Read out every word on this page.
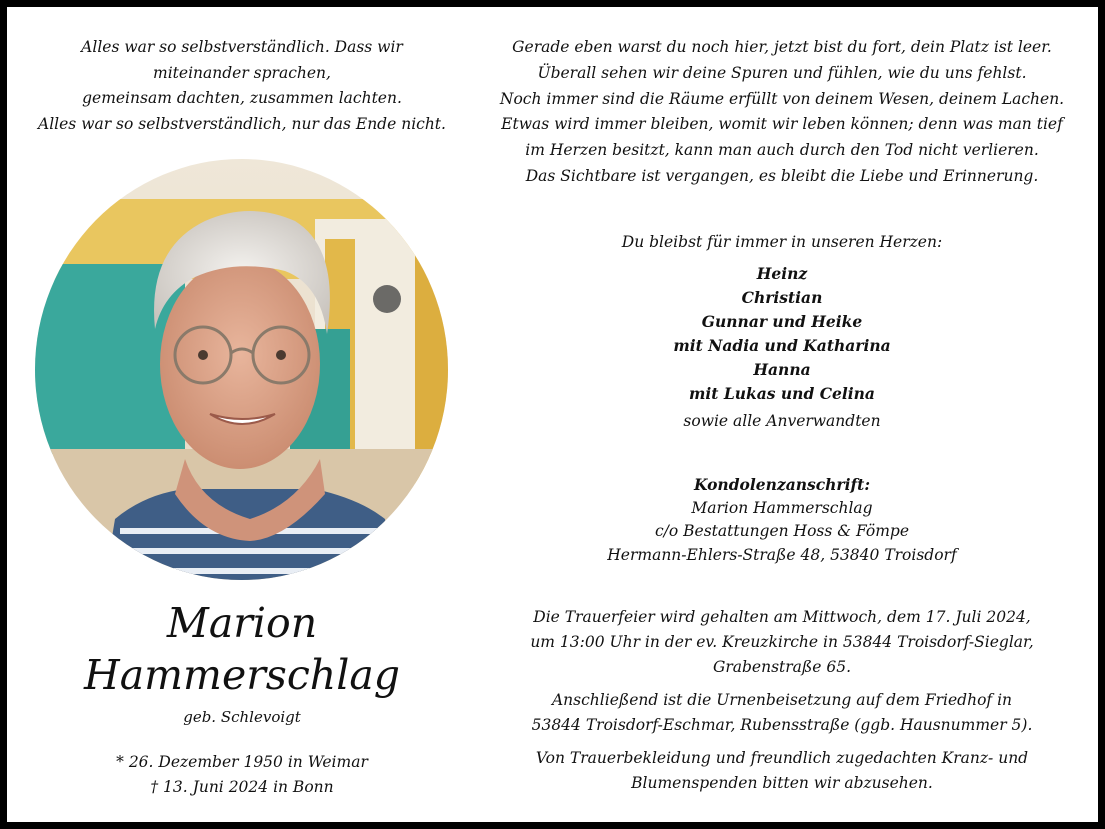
Alles war so selbstverständlich. Dass wir
miteinander sprachen,
gemeinsam dachten, zusammen lachten.
Alles war so selbstverständlich, nur das Ende nicht.
Marion
Hammerschlag
geb. Schlevoigt
* 26. Dezember 1950 in Weimar
† 13. Juni 2024 in Bonn
Gerade eben warst du noch hier, jetzt bist du fort, dein Platz ist leer.
Überall sehen wir deine Spuren und fühlen, wie du uns fehlst.
Noch immer sind die Räume erfüllt von deinem Wesen, deinem Lachen.
Etwas wird immer bleiben, womit wir leben können; denn was man tief
im Herzen besitzt, kann man auch durch den Tod nicht verlieren.
Das Sichtbare ist vergangen, es bleibt die Liebe und Erinnerung.
Du bleibst für immer in unseren Herzen:
Heinz
Christian
Gunnar und Heike
mit Nadia und Katharina
Hanna
mit Lukas und Celina
sowie alle Anverwandten
Kondolenzanschrift:
Marion Hammerschlag
c/o Bestattungen Hoss & Fömpe
Hermann-Ehlers-Straße 48, 53840 Troisdorf

Die Trauerfeier wird gehalten am Mittwoch, dem 17. Juli 2024,
um 13:00 Uhr in der ev. Kreuzkirche in 53844 Troisdorf-Sieglar,
Grabenstraße 65.

Anschließend ist die Urnenbeisetzung auf dem Friedhof in
53844 Troisdorf-Eschmar, Rubensstraße (ggb. Hausnummer 5).

Von Trauerbekleidung und freundlich zugedachten Kranz- und
Blumenspenden bitten wir abzusehen.
